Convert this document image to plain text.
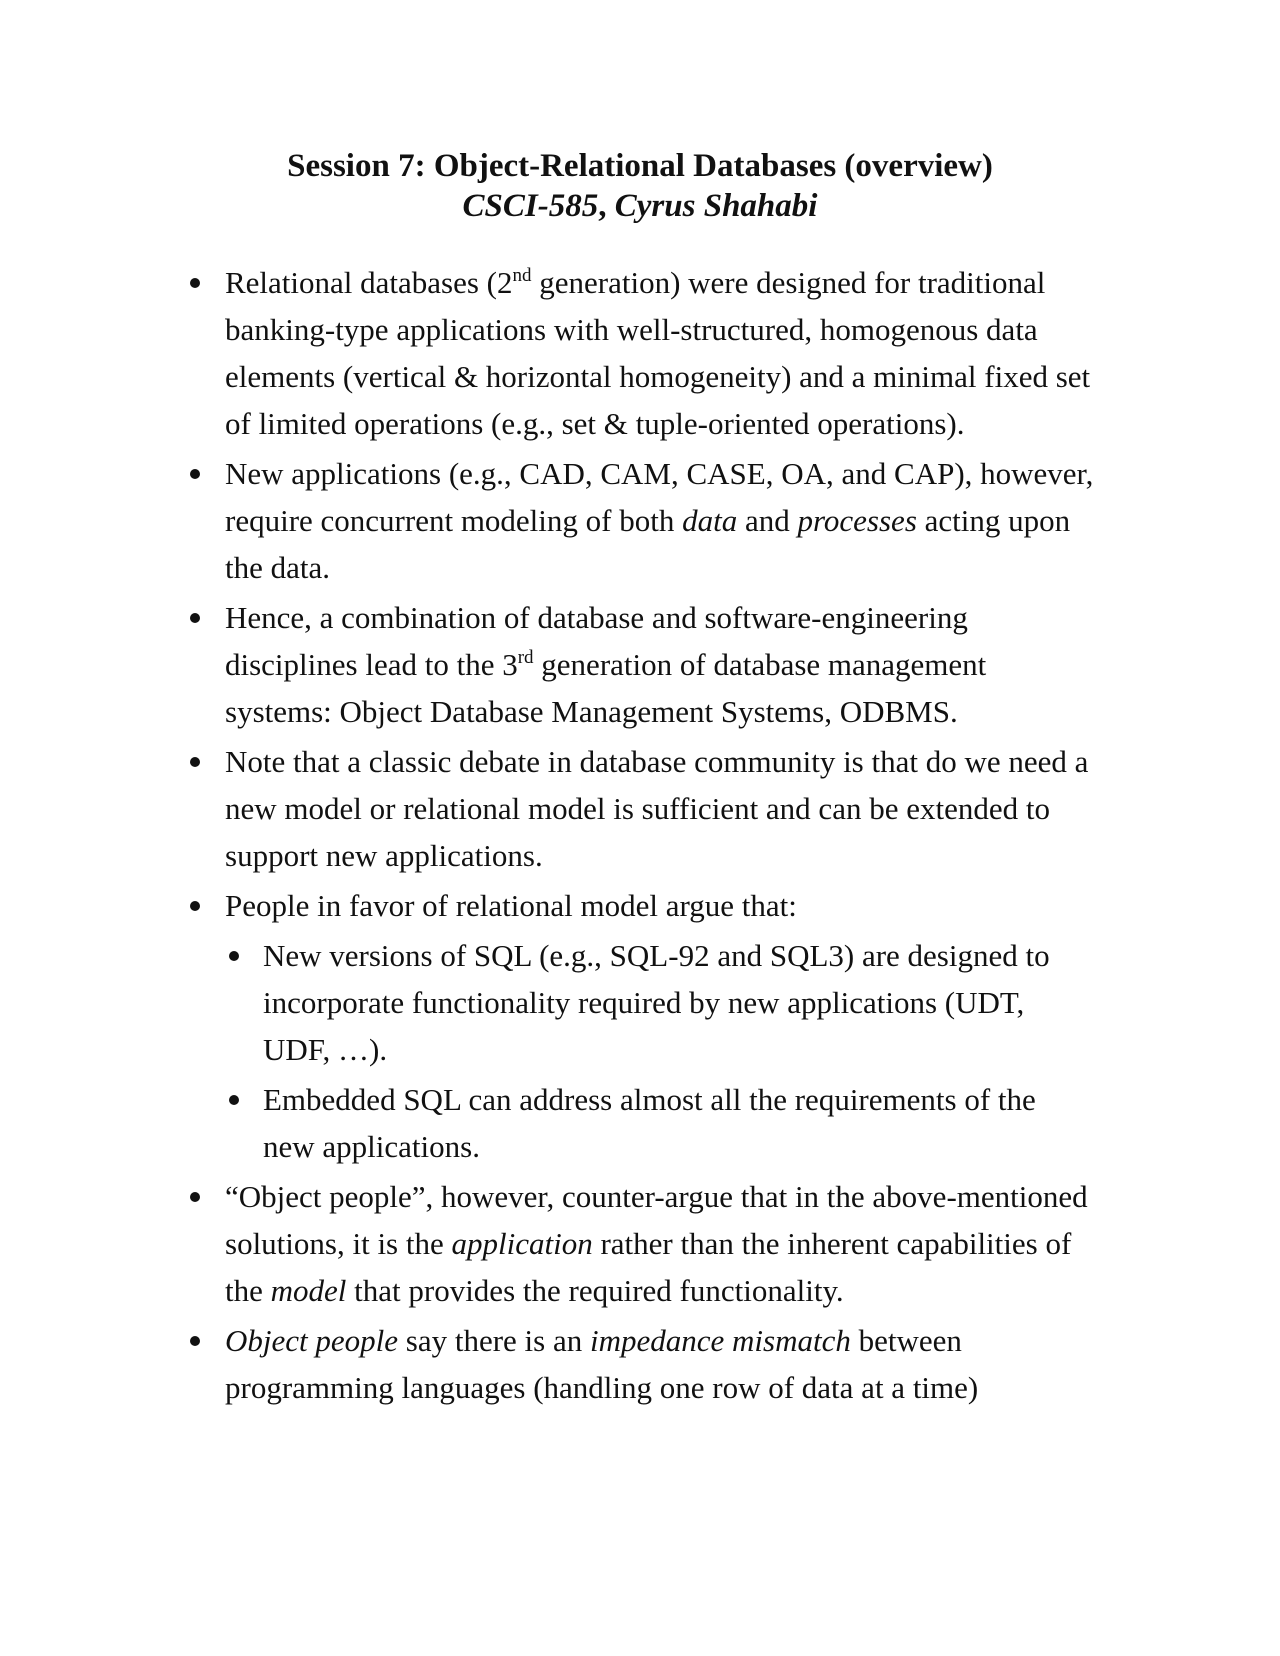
Session 7: Object-Relational Databases (overview)
CSCI-585, Cyrus Shahabi
Relational databases (2nd generation) were designed for traditional banking-type applications with well-structured, homogenous data elements (vertical & horizontal homogeneity) and a minimal fixed set of limited operations (e.g., set & tuple-oriented operations).
New applications (e.g., CAD, CAM, CASE, OA, and CAP), however, require concurrent modeling of both data and processes acting upon the data.
Hence, a combination of database and software-engineering disciplines lead to the 3rd generation of database management systems: Object Database Management Systems, ODBMS.
Note that a classic debate in database community is that do we need a new model or relational model is sufficient and can be extended to support new applications.
People in favor of relational model argue that:
New versions of SQL (e.g., SQL-92 and SQL3) are designed to incorporate functionality required by new applications (UDT, UDF, …).
Embedded SQL can address almost all the requirements of the new applications.
“Object people”, however, counter-argue that in the above-mentioned solutions, it is the application rather than the inherent capabilities of the model that provides the required functionality.
Object people say there is an impedance mismatch between programming languages (handling one row of data at a time)
